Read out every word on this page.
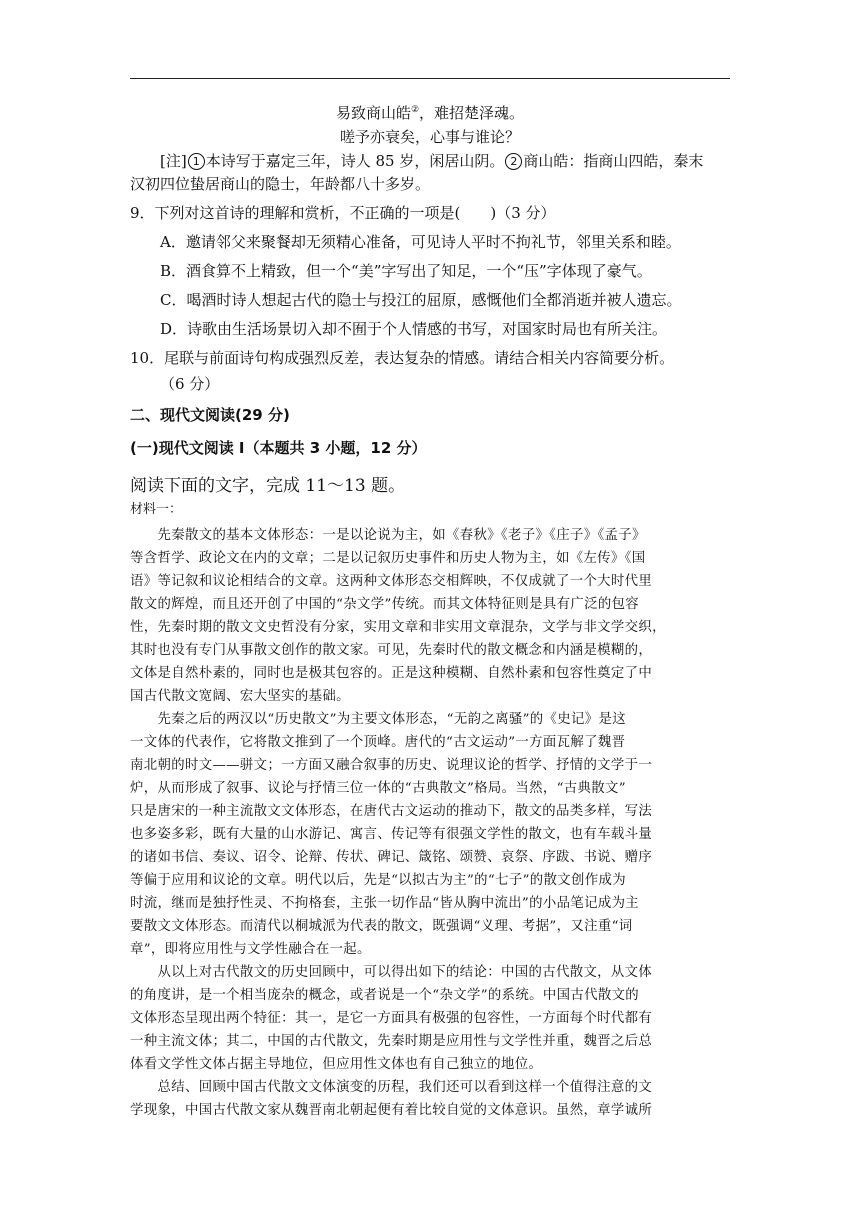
易致商山皓②，难招楚泽魂。
嗟予亦衰矣，心事与谁论？
[注] 1 本诗写于嘉定三年，诗人 85 岁，闲居山阴。 2 商山皓：指商山四皓，秦末
汉初四位蛰居商山的隐士，年龄都八十多岁。
9．下列对这首诗的理解和赏析，不正确的一项是(　　)（3 分）
A．邀请邻父来聚餐却无须精心准备，可见诗人平时不拘礼节，邻里关系和睦。
B．酒食算不上精致，但一个“美”字写出了知足，一个“压”字体现了豪气。
C．喝酒时诗人想起古代的隐士与投江的屈原，感慨他们全都消逝并被人遗忘。
D．诗歌由生活场景切入却不囿于个人情感的书写，对国家时局也有所关注。
10．尾联与前面诗句构成强烈反差，表达复杂的情感。请结合相关内容简要分析。
（6 分）
二、现代文阅读(29 分)
(一)现代文阅读 I（本题共 3 小题，12 分）
阅读下面的文字，完成 11～13 题。
材料一：
　　先秦散文的基本文体形态：一是以论说为主，如《春秋》《老子》《庄子》《孟子》
等含哲学、政论文在内的文章；二是以记叙历史事件和历史人物为主，如《左传》《国
语》等记叙和议论相结合的文章。这两种文体形态交相辉映，不仅成就了一个大时代里
散文的辉煌，而且还开创了中国的“杂文学”传统。而其文体特征则是具有广泛的包容
性，先秦时期的散文文史哲没有分家，实用文章和非实用文章混杂，文学与非文学交织，
其时也没有专门从事散文创作的散文家。可见，先秦时代的散文概念和内涵是模糊的，
文体是自然朴素的，同时也是极其包容的。正是这种模糊、自然朴素和包容性奠定了中
国古代散文宽阔、宏大坚实的基础。
　　先秦之后的两汉以“历史散文”为主要文体形态，“无韵之离骚”的《史记》是这
一文体的代表作，它将散文推到了一个顶峰。唐代的“古文运动”一方面瓦解了魏晋
南北朝的时文——骈文；一方面又融合叙事的历史、说理议论的哲学、抒情的文学于一
炉，从而形成了叙事、议论与抒情三位一体的“古典散文”格局。当然，“古典散文”
只是唐宋的一种主流散文文体形态，在唐代古文运动的推动下，散文的品类多样，写法
也多姿多彩，既有大量的山水游记、寓言、传记等有很强文学性的散文，也有车载斗量
的诸如书信、奏议、诏令、论辩、传状、碑记、箴铭、颂赞、哀祭、序跋、书说、赠序
等偏于应用和议论的文章。明代以后，先是“以拟古为主”的“七子”的散文创作成为
时流，继而是独抒性灵、不拘格套，主张一切作品“皆从胸中流出”的小品笔记成为主
要散文文体形态。而清代以桐城派为代表的散文，既强调“义理、考据”，又注重“词
章”，即将应用性与文学性融合在一起。
　　从以上对古代散文的历史回顾中，可以得出如下的结论：中国的古代散文，从文体
的角度讲，是一个相当庞杂的概念，或者说是一个“杂文学”的系统。中国古代散文的
文体形态呈现出两个特征：其一，是它一方面具有极强的包容性，一方面每个时代都有
一种主流文体；其二，中国的古代散文，先秦时期是应用性与文学性并重，魏晋之后总
体看文学性文体占据主导地位，但应用性文体也有自己独立的地位。
　　总结、回顾中国古代散文文体演变的历程，我们还可以看到这样一个值得注意的文
学现象，中国古代散文家从魏晋南北朝起便有着比较自觉的文体意识。虽然，章学诚所
